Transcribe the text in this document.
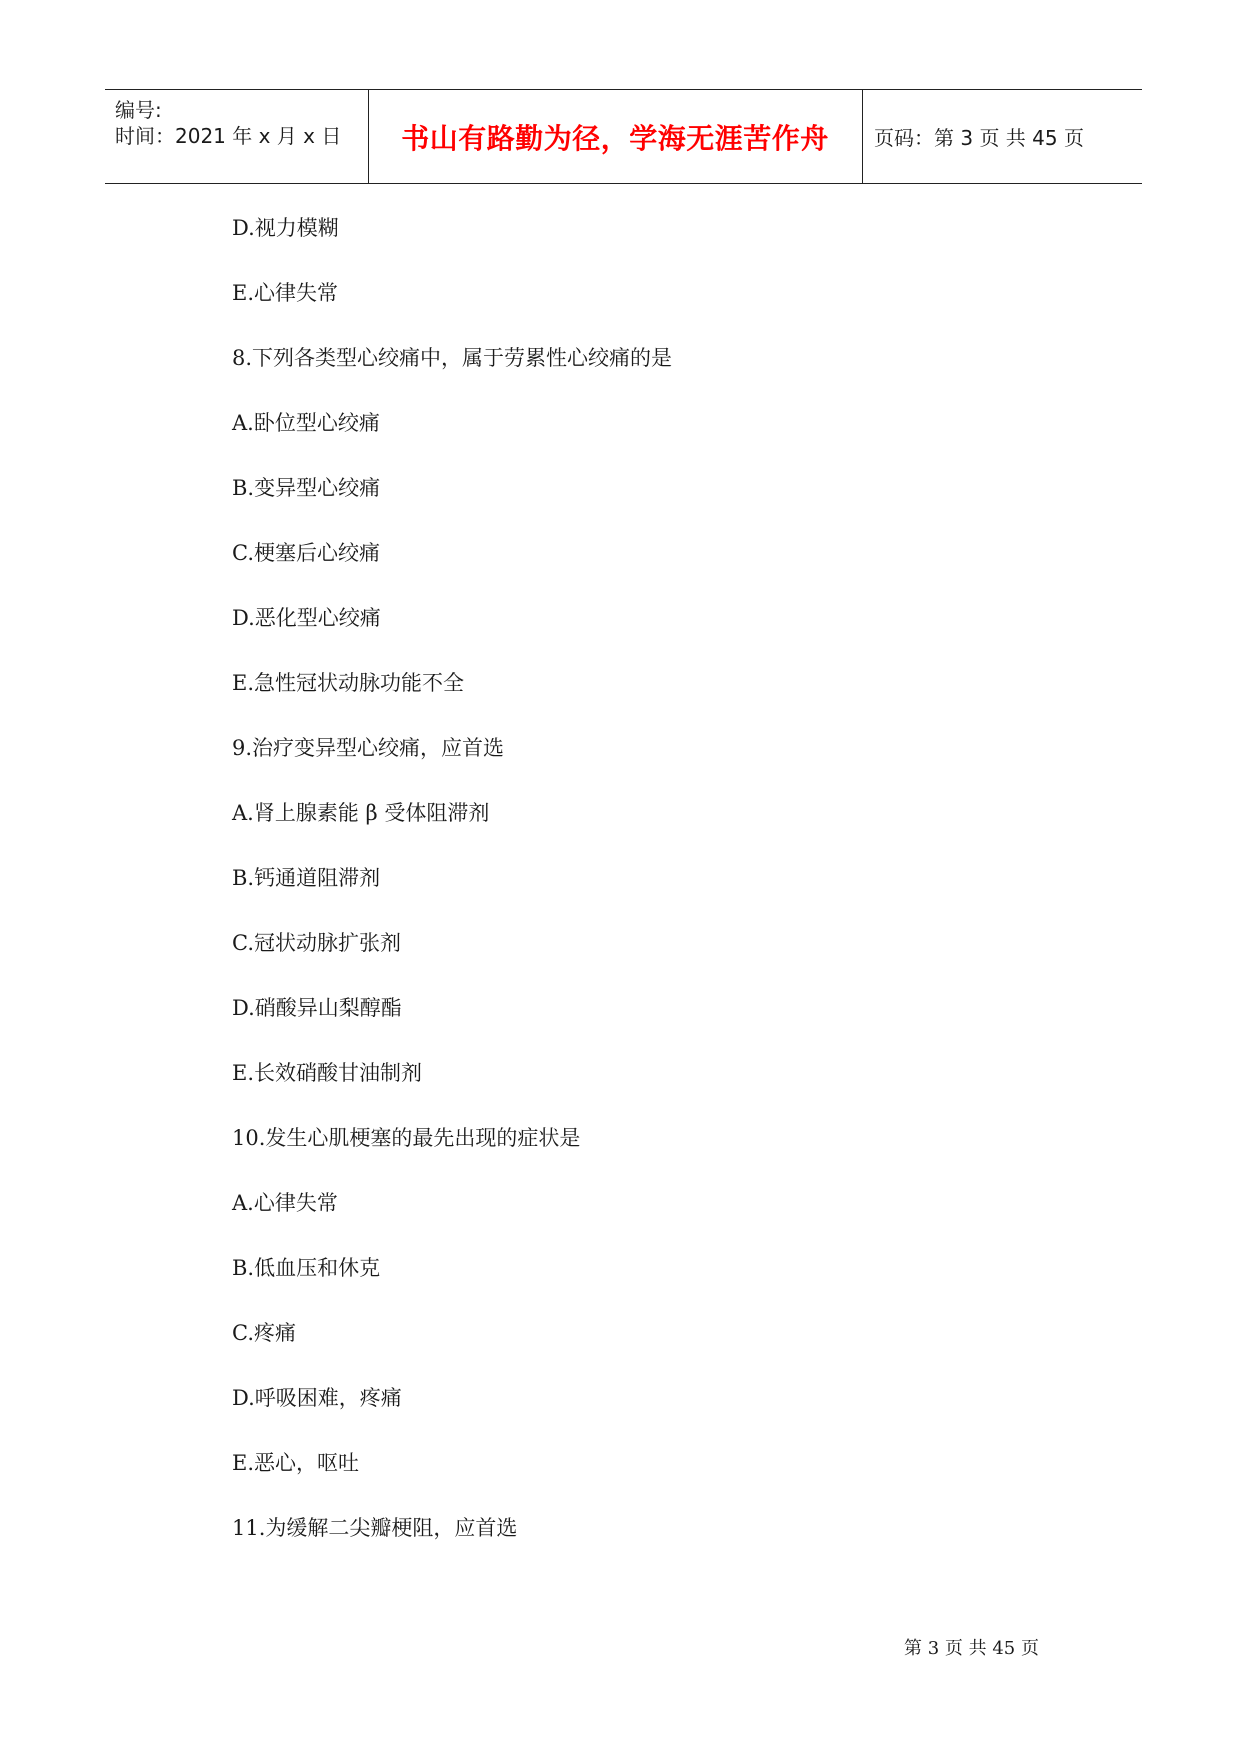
编号:
时间：2021 年 x 月 x 日	书山有路勤为径，学海无涯苦作舟	页码：第 3 页 共 45 页
D.视力模糊
E.心律失常
8.下列各类型心绞痛中，属于劳累性心绞痛的是
A.卧位型心绞痛
B.变异型心绞痛
C.梗塞后心绞痛
D.恶化型心绞痛
E.急性冠状动脉功能不全
9.治疗变异型心绞痛，应首选
A.肾上腺素能 β 受体阻滞剂
B.钙通道阻滞剂
C.冠状动脉扩张剂
D.硝酸异山梨醇酯
E.长效硝酸甘油制剂
10.发生心肌梗塞的最先出现的症状是
A.心律失常
B.低血压和休克
C.疼痛
D.呼吸困难，疼痛
E.恶心，呕吐
11.为缓解二尖瓣梗阻，应首选
第 3 页 共 45 页
